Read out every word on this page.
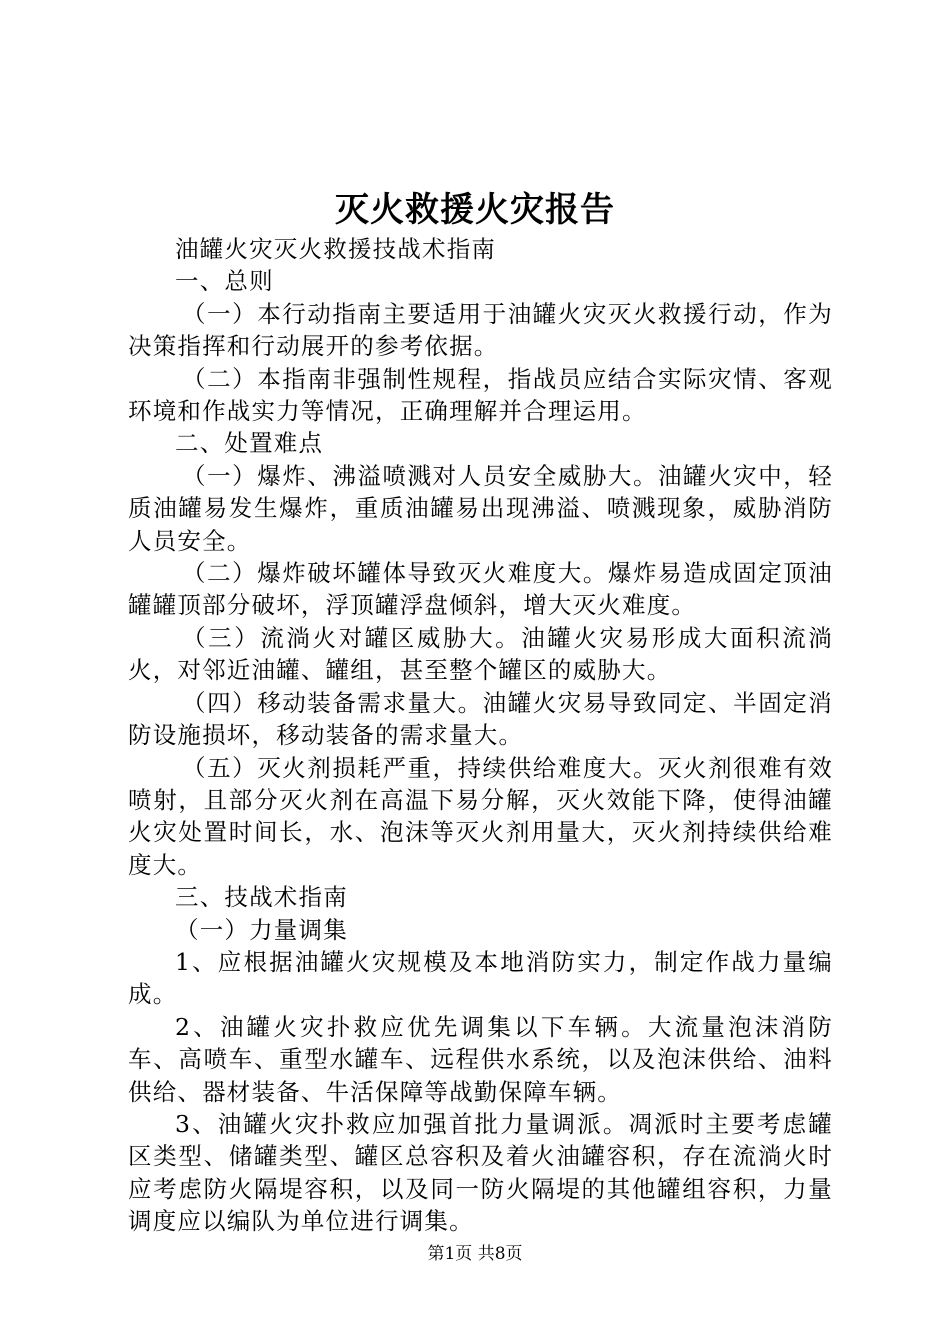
灭火救援火灾报告

油罐火灾灭火救援技战术指南

一、总则

（一）本行动指南主要适用于油罐火灾灭火救援行动，作为决策指挥和行动展开的参考依据。

（二）本指南非强制性规程，指战员应结合实际灾情、客观环境和作战实力等情况，正确理解并合理运用。

二、处置难点

（一）爆炸、沸溢喷溅对人员安全威胁大。油罐火灾中，轻质油罐易发生爆炸，重质油罐易出现沸溢、喷溅现象，威胁消防人员安全。

（二）爆炸破坏罐体导致灭火难度大。爆炸易造成固定顶油罐罐顶部分破坏，浮顶罐浮盘倾斜，增大灭火难度。

（三）流淌火对罐区威胁大。油罐火灾易形成大面积流淌火，对邻近油罐、罐组，甚至整个罐区的威胁大。

（四）移动装备需求量大。油罐火灾易导致同定、半固定消防设施损坏，移动装备的需求量大。

（五）灭火剂损耗严重，持续供给难度大。灭火剂很难有效喷射，且部分灭火剂在高温下易分解，灭火效能下降，使得油罐火灾处置时间长，水、泡沫等灭火剂用量大，灭火剂持续供给难度大。

三、技战术指南

（一）力量调集

1、应根据油罐火灾规模及本地消防实力，制定作战力量编成。

2、油罐火灾扑救应优先调集以下车辆。大流量泡沫消防车、高喷车、重型水罐车、远程供水系统，以及泡沫供给、油料供给、器材装备、牛活保障等战勤保障车辆。

3、油罐火灾扑救应加强首批力量调派。凋派时主要考虑罐区类型、储罐类型、罐区总容积及着火油罐容积，存在流淌火时应考虑防火隔堤容积，以及同一防火隔堤的其他罐组容积，力量调度应以编队为单位进行调集。

第1页 共8页
